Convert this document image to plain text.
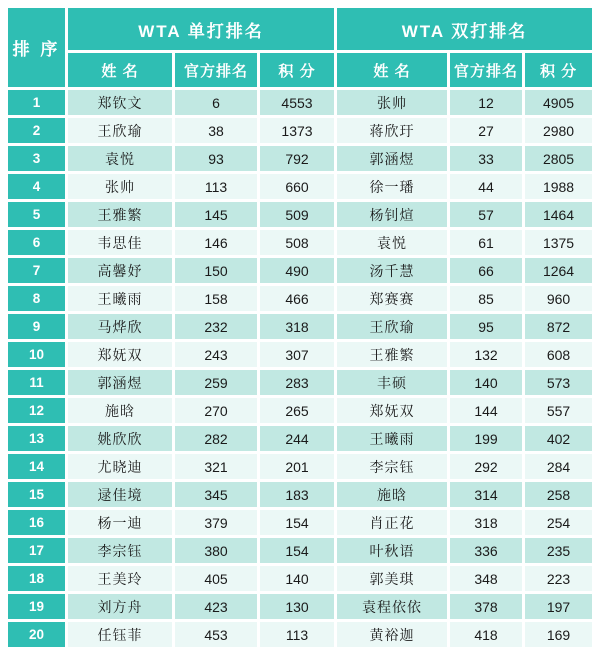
排 序	WTA 单打排名			WTA 双打排名		
	姓 名	官方排名	积 分	姓 名	官方排名	积 分
1	郑钦文	6	4553	张帅	12	4905
2	王欣瑜	38	1373	蒋欣玗	27	2980
3	袁悦	93	792	郭涵煜	33	2805
4	张帅	113	660	徐一璠	44	1988
5	王雅繁	145	509	杨钊煊	57	1464
6	韦思佳	146	508	袁悦	61	1375
7	高馨妤	150	490	汤千慧	66	1264
8	王曦雨	158	466	郑赛赛	85	960
9	马烨欣	232	318	王欣瑜	95	872
10	郑妩双	243	307	王雅繁	132	608
11	郭涵煜	259	283	丰硕	140	573
12	施晗	270	265	郑妩双	144	557
13	姚欣欣	282	244	王曦雨	199	402
14	尤晓迪	321	201	李宗钰	292	284
15	逯佳境	345	183	施晗	314	258
16	杨一迪	379	154	肖正花	318	254
17	李宗钰	380	154	叶秋语	336	235
18	王美玲	405	140	郭美琪	348	223
19	刘方舟	423	130	袁程依依	378	197
20	任钰菲	453	113	黄裕迦	418	169
